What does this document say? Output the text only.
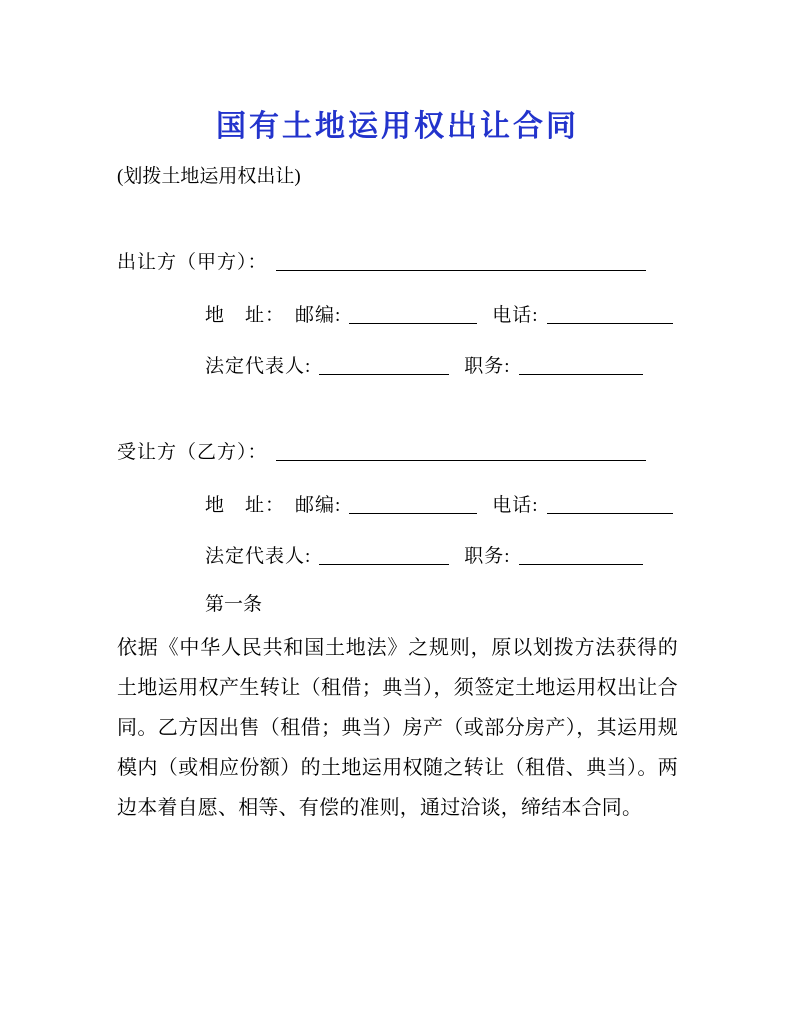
国有土地运用权出让合同
(划拨土地运用权出让)
出让方（甲方）：
地　址： 邮编:	电话:
法定代表人:	职务:
受让方（乙方）：
地　址： 邮编:	电话:
法定代表人:	职务:
第一条

依据《中华人民共和国土地法》之规则，原以划拨方法获得的土地运用权产生转让（租借；典当），须签定土地运用权出让合同。乙方因出售（租借；典当）房产（或部分房产），其运用规模内（或相应份额）的土地运用权随之转让（租借、典当）。两边本着自愿、相等、有偿的准则，通过洽谈，缔结本合同。
